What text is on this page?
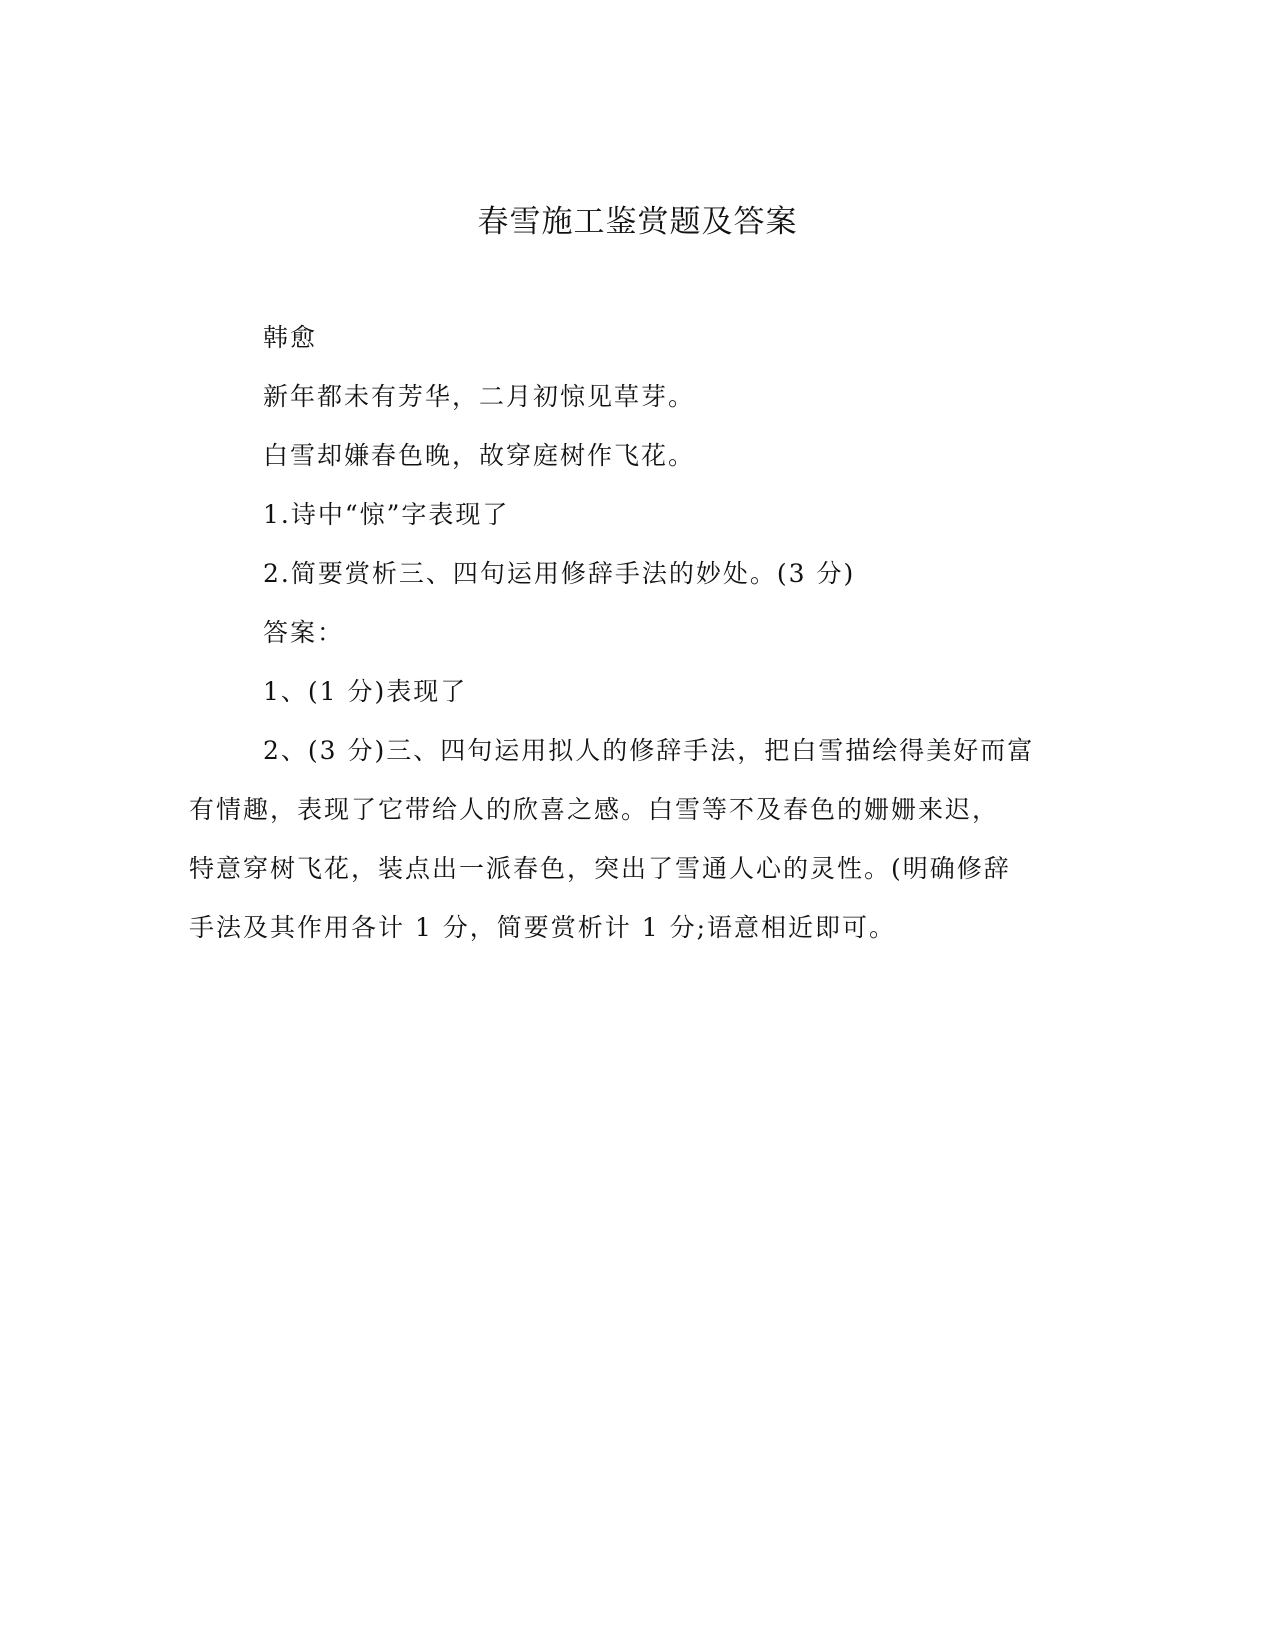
春雪施工鉴赏题及答案
韩愈
新年都未有芳华，二月初惊见草芽。
白雪却嫌春色晚，故穿庭树作飞花。
1.诗中“惊”字表现了
2.简要赏析三、四句运用修辞手法的妙处。(3 分)
答案：
1、(1 分)表现了
2、(3 分)三、四句运用拟人的修辞手法，把白雪描绘得美好而富
有情趣，表现了它带给人的欣喜之感。白雪等不及春色的姗姗来迟，
特意穿树飞花，装点出一派春色，突出了雪通人心的灵性。(明确修辞
手法及其作用各计 1 分，简要赏析计 1 分;语意相近即可。
